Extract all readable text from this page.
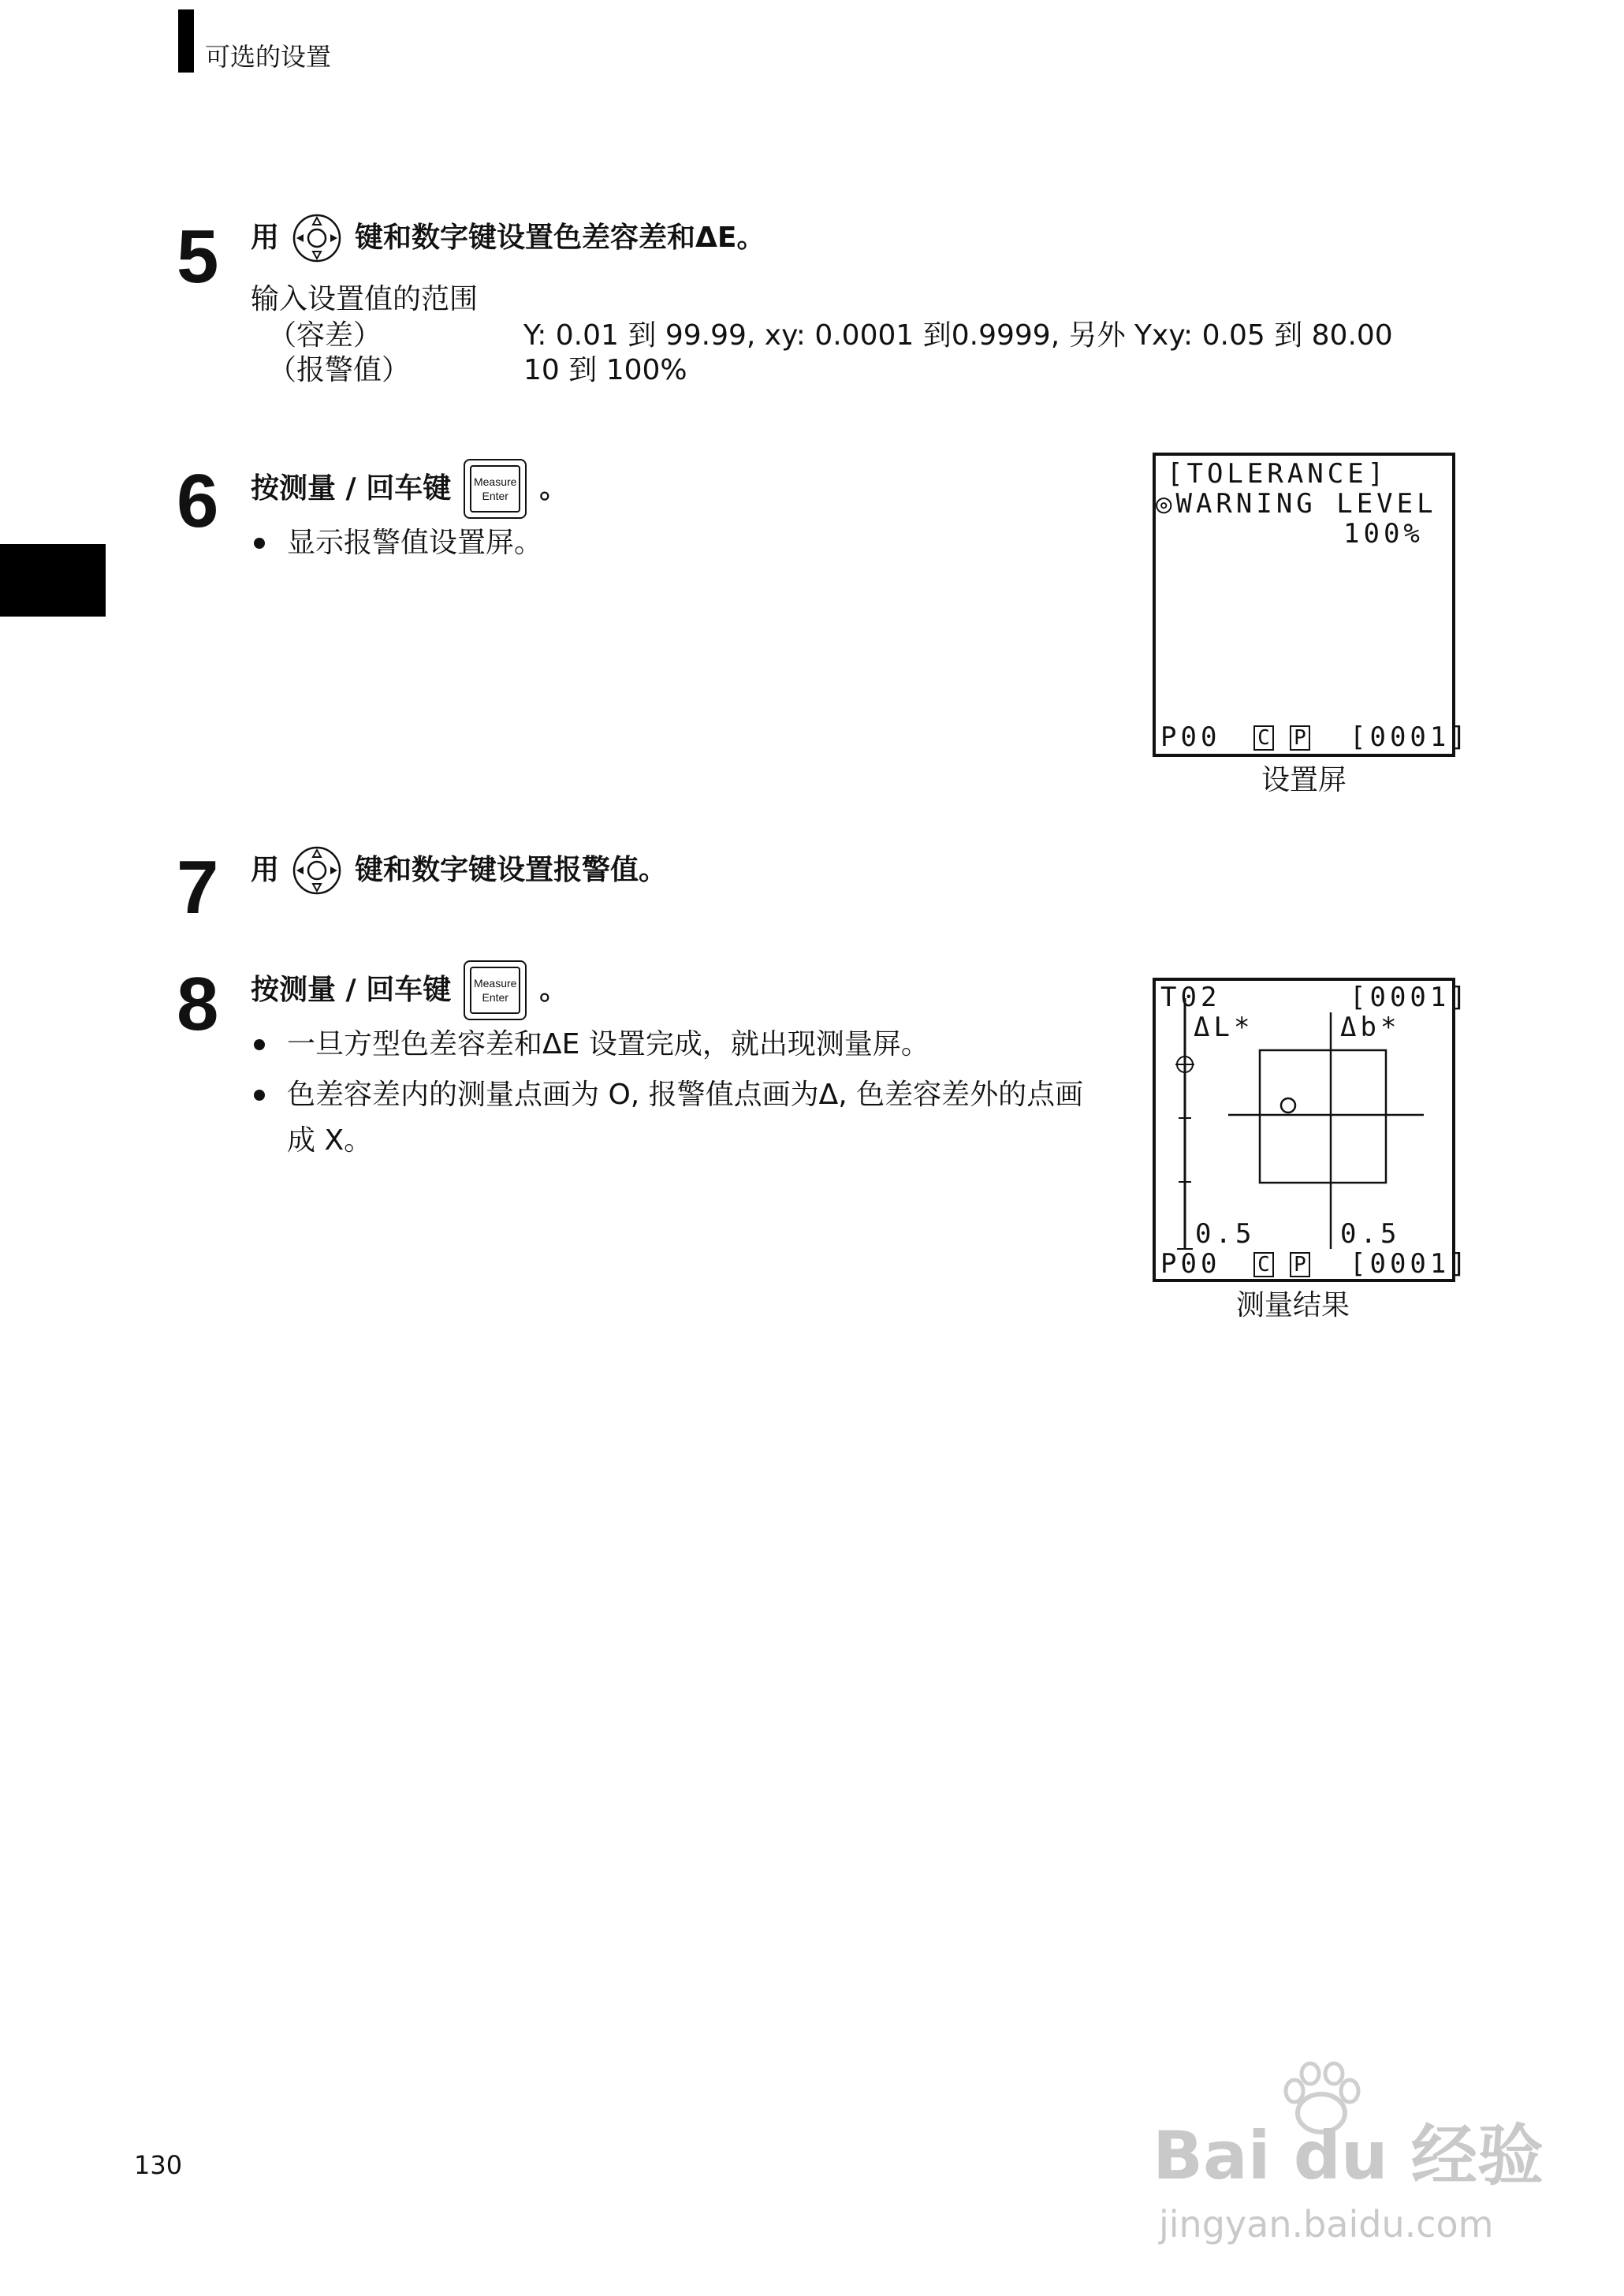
可选的设置
5 用	键和数字键设置色差容差和ΔE。
输入设置值的范围
（容差）	Y: 0.01 到 99.99, xy: 0.0001 到0.9999, 另外 Yxy: 0.05 到 80.00
（报警值）	10 到 100%
6 按测量 / 回车键 Measure
Enter 。
显示报警值设置屏。
[TOLERANCE]
◎WARNING LEVEL
100%
P00 C P [0001]
设置屏
7 用	键和数字键设置报警值。
8 按测量 / 回车键 Measure
Enter 。
一旦方型色差容差和ΔE 设置完成，就出现测量屏。
色差容差内的测量点画为 O, 报警值点画为Δ, 色差容差外的点画成 X。
T02	[0001]
ΔL*	Δb*
0.5	0.5
P00 C P [0001]
测量结果
130	Bai du 经验
jingyan.baidu.com
